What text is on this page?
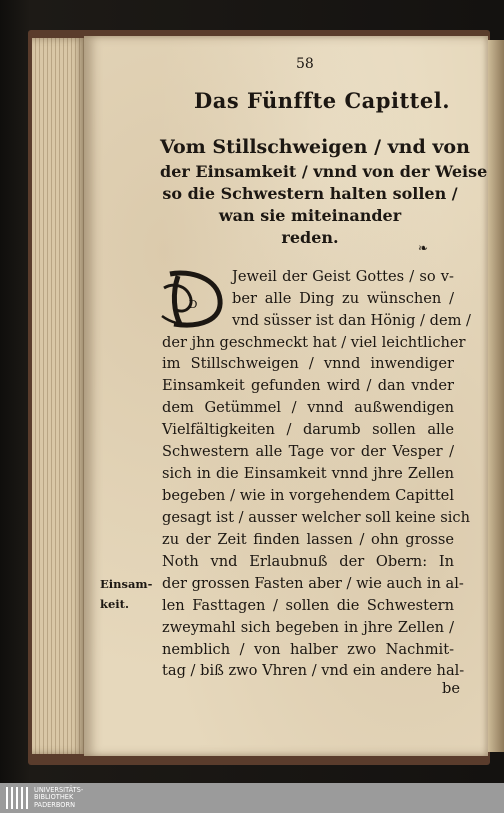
58
Das Fünffte Capittel.
Vom Stillschweigen / vnd von
der Einsamkeit / vnnd von der Weise
so die Schwestern halten sollen /
wan sie miteinander
reden.
❧
D
Jeweil der Geist Gottes / so v-
ber alle Ding zu wünschen /
vnd süsser ist dan Hönig / dem /
der jhn geschmeckt hat / viel leichtlicher
im Stillschweigen / vnnd inwendiger
Einsamkeit gefunden wird / dan vnder
dem Getümmel / vnnd außwendigen
Vielfältigkeiten / darumb sollen alle
Schwestern alle Tage vor der Vesper /
sich in die Einsamkeit vnnd jhre Zellen
begeben / wie in vorgehendem Capittel
gesagt ist / ausser welcher soll keine sich
zu der Zeit finden lassen / ohn grosse
Noth vnd Erlaubnuß der Obern: In
der grossen Fasten aber / wie auch in al-
len Fasttagen / sollen die Schwestern
zweymahl sich begeben in jhre Zellen /
nemblich / von halber zwo Nachmit-
tag / biß zwo Vhren / vnd ein andere hal-
Einsam-
keit.
be
UNIVERSITÄTS-
BIBLIOTHEK
PADERBORN
